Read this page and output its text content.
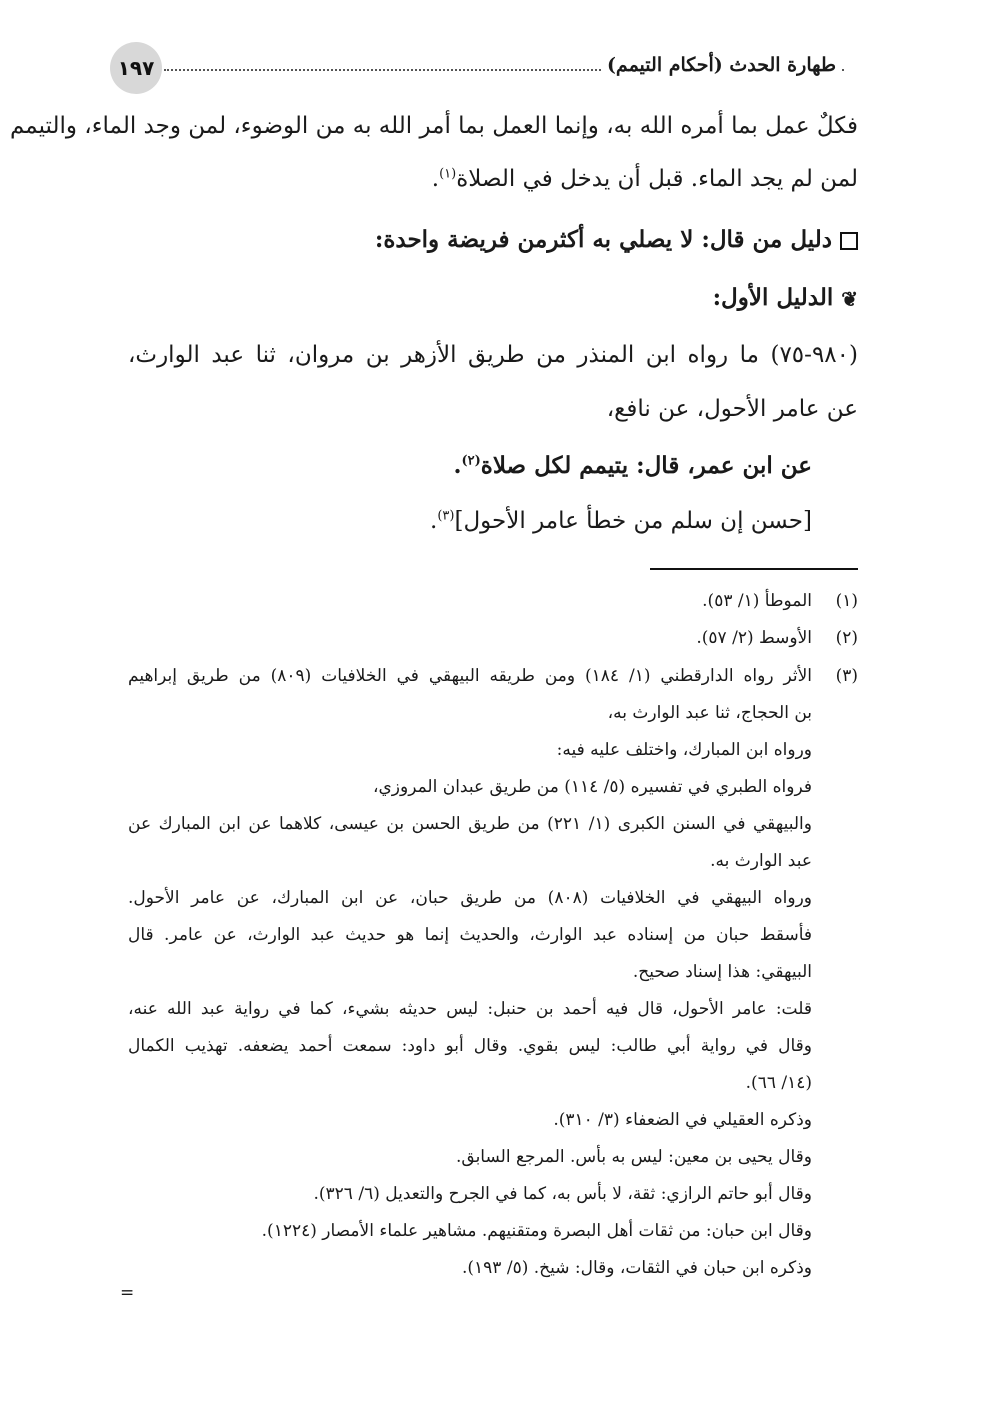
١٩٧	طهارة الحدث (أحكام التيمم)
فكلٌ عمل بما أمره الله به، وإنما العمل بما أمر الله به من الوضوء، لمن وجد الماء، والتيمم
لمن لم يجد الماء. قبل أن يدخل في الصلاة$^{(١)}$.
دليل من قال: لا يصلي به أكثرمن فريضة واحدة:
❦الدليل الأول:
(٩٨٠-٧٥) ما رواه ابن المنذر من طريق الأزهر بن مروان، ثنا عبد الوارث،
عن عامر الأحول، عن نافع،
عن ابن عمر، قال: يتيمم لكل صلاة$^{(٢)}$.
[حسن إن سلم من خطأ عامر الأحول]$^{(٣)}$.
(١)
الموطأ (١/ ٥٣).
(٢)
الأوسط (٢/ ٥٧).
(٣)
الأثر رواه الدارقطني (١/ ١٨٤) ومن طريقه البيهقي في الخلافيات (٨٠٩) من طريق إبراهيم
بن الحجاج، ثنا عبد الوارث به،
ورواه ابن المبارك، واختلف عليه فيه:
فرواه الطبري في تفسيره (٥/ ١١٤) من طريق عبدان المروزي،
والبيهقي في السنن الكبرى (١/ ٢٢١) من طريق الحسن بن عيسى، كلاهما عن ابن المبارك عن
عبد الوارث به.
ورواه البيهقي في الخلافيات (٨٠٨) من طريق حبان، عن ابن المبارك، عن عامر الأحول.
فأسقط حبان من إسناده عبد الوارث، والحديث إنما هو حديث عبد الوارث، عن عامر. قال
البيهقي: هذا إسناد صحيح.
قلت: عامر الأحول، قال فيه أحمد بن حنبل: ليس حديثه بشيء، كما في رواية عبد الله عنه،
وقال في رواية أبي طالب: ليس بقوي. وقال أبو داود: سمعت أحمد يضعفه. تهذيب الكمال
(١٤/ ٦٦).
وذكره العقيلي في الضعفاء (٣/ ٣١٠).
وقال يحيى بن معين: ليس به بأس. المرجع السابق.
وقال أبو حاتم الرازي: ثقة، لا بأس به، كما في الجرح والتعديل (٦/ ٣٢٦).
وقال ابن حبان: من ثقات أهل البصرة ومتقنيهم. مشاهير علماء الأمصار (١٢٢٤).
وذكره ابن حبان في الثقات، وقال: شيخ. (٥/ ١٩٣).
=
